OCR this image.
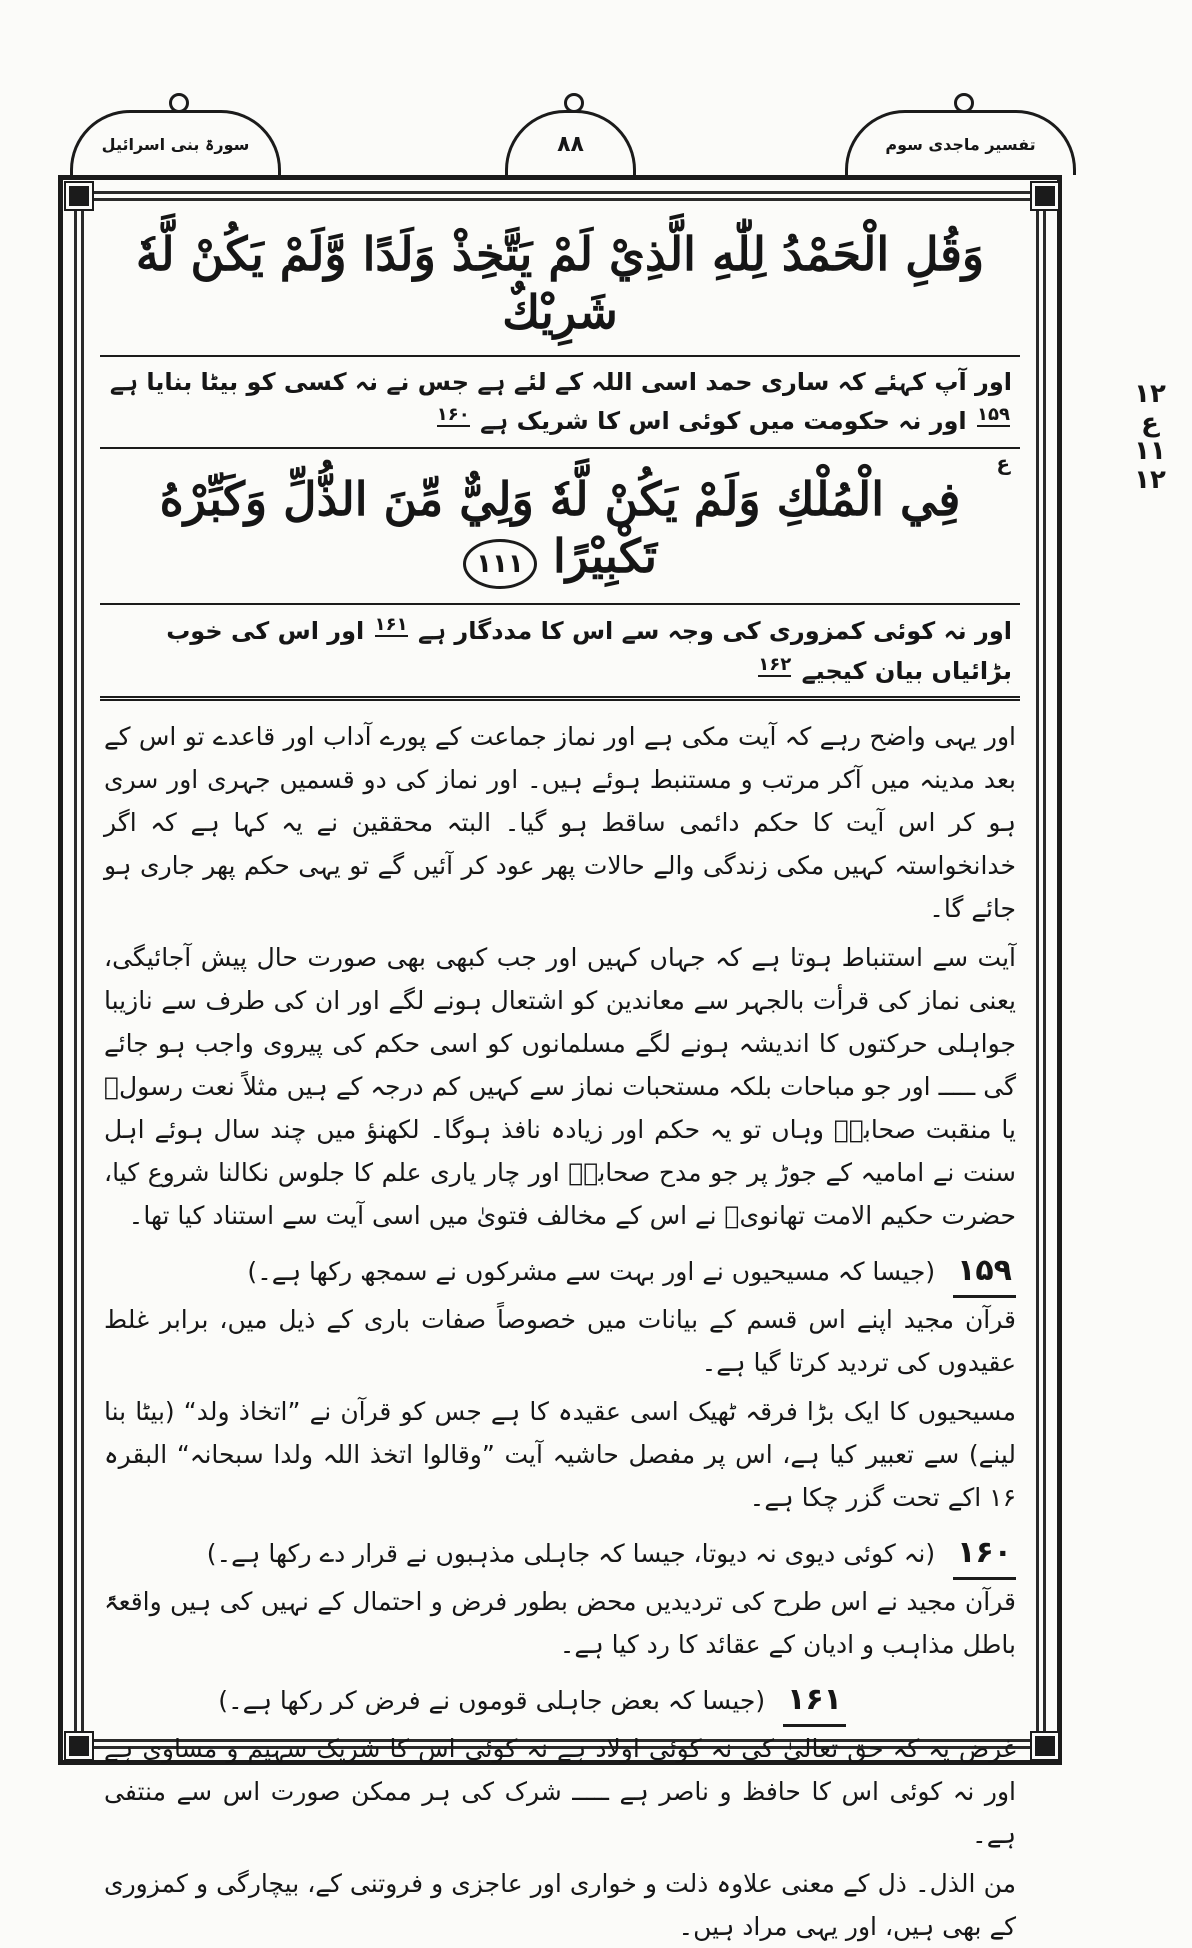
سورۃ بنی اسرائیل	۸۸	تفسیر ماجدی سوم
۱۲
ع
۱۱
۱۲
وَقُلِ الْحَمْدُ لِلّٰهِ الَّذِيْ لَمْ يَتَّخِذْ وَلَدًا وَّلَمْ يَكُنْ لَّهٗ شَرِيْكٌ
اور آپ کہئے کہ ساری حمد اسی اللہ کے لئے ہے جس نے نہ کسی کو بیٹا بنایا ہے $^{۱۵۹}$ اور نہ حکومت میں کوئی اس کا شریک ہے $^{۱۶۰}$
ع
فِي الْمُلْكِ وَلَمْ يَكُنْ لَّهٗ وَلِيٌّ مِّنَ الذُّلِّ وَكَبِّرْهُ تَكْبِيْرًا ۱۱۱
اور نہ کوئی کمزوری کی وجہ سے اس کا مددگار ہے $^{۱۶۱}$ اور اس کی خوب بڑائیاں بیان کیجیے $^{۱۶۲}$

اور یہی واضح رہے کہ آیت مکی ہے اور نماز جماعت کے پورے آداب اور قاعدے تو اس کے بعد مدینہ میں آکر مرتب و مستنبط ہوئے ہیں۔ اور نماز کی دو قسمیں جہری اور سری ہو کر اس آیت کا حکم دائمی ساقط ہو گیا۔ البتہ محققین نے یہ کہا ہے کہ اگر خدانخواستہ کہیں مکی زندگی والے حالات پھر عود کر آئیں گے تو یہی حکم پھر جاری ہو جائے گا۔

آیت سے استنباط ہوتا ہے کہ جہاں کہیں اور جب کبھی بھی صورت حال پیش آجائیگی، یعنی نماز کی قرأت بالجہر سے معاندین کو اشتعال ہونے لگے اور ان کی طرف سے نازیبا جواہلی حرکتوں کا اندیشہ ہونے لگے مسلمانوں کو اسی حکم کی پیروی واجب ہو جائے گی ـــــ اور جو مباحات بلکہ مستحبات نماز سے کہیں کم درجہ کے ہیں مثلاً نعت رسولؐ یا منقبت صحابہؓ وہاں تو یہ حکم اور زیادہ نافذ ہوگا۔ لکھنؤ میں چند سال ہوئے اہل سنت نے امامیہ کے جوڑ پر جو مدح صحابہؓ اور چار یاری علم کا جلوس نکالنا شروع کیا، حضرت حکیم الامت تھانویؒ نے اس کے مخالف فتویٰ میں اسی آیت سے استناد کیا تھا۔

۱۵۹ (جیسا کہ مسیحیوں نے اور بہت سے مشرکوں نے سمجھ رکھا ہے۔)

قرآن مجید اپنے اس قسم کے بیانات میں خصوصاً صفات باری کے ذیل میں، برابر غلط عقیدوں کی تردید کرتا گیا ہے۔

مسیحیوں کا ایک بڑا فرقہ ٹھیک اسی عقیدہ کا ہے جس کو قرآن نے ”اتخاذ ولد“ (بیٹا بنا لینے) سے تعبیر کیا ہے، اس پر مفصل حاشیہ آیت ”وقالوا اتخذ اللہ ولدا سبحانہ“ البقرہ ۱۶ اکے تحت گزر چکا ہے۔

۱۶۰ (نہ کوئی دیوی نہ دیوتا، جیسا کہ جاہلی مذہبوں نے قرار دے رکھا ہے۔)

قرآن مجید نے اس طرح کی تردیدیں محض بطور فرض و احتمال کے نہیں کی ہیں واقعۃً باطل مذاہب و ادیان کے عقائد کا رد کیا ہے۔

۱۶۱ (جیسا کہ بعض جاہلی قوموں نے فرض کر رکھا ہے۔)

غرض یہ کہ حق تعالیٰ کی نہ کوئی اولاد ہے نہ کوئی اس کا شریک سہیم و مساوی ہے اور نہ کوئی اس کا حافظ و ناصر ہے ـــــ شرک کی ہر ممکن صورت اس سے منتفی ہے۔

من الذل۔ ذل کے معنی علاوہ ذلت و خواری اور عاجزی و فروتنی کے، بیچارگی و کمزوری کے بھی ہیں، اور یہی مراد ہیں۔
